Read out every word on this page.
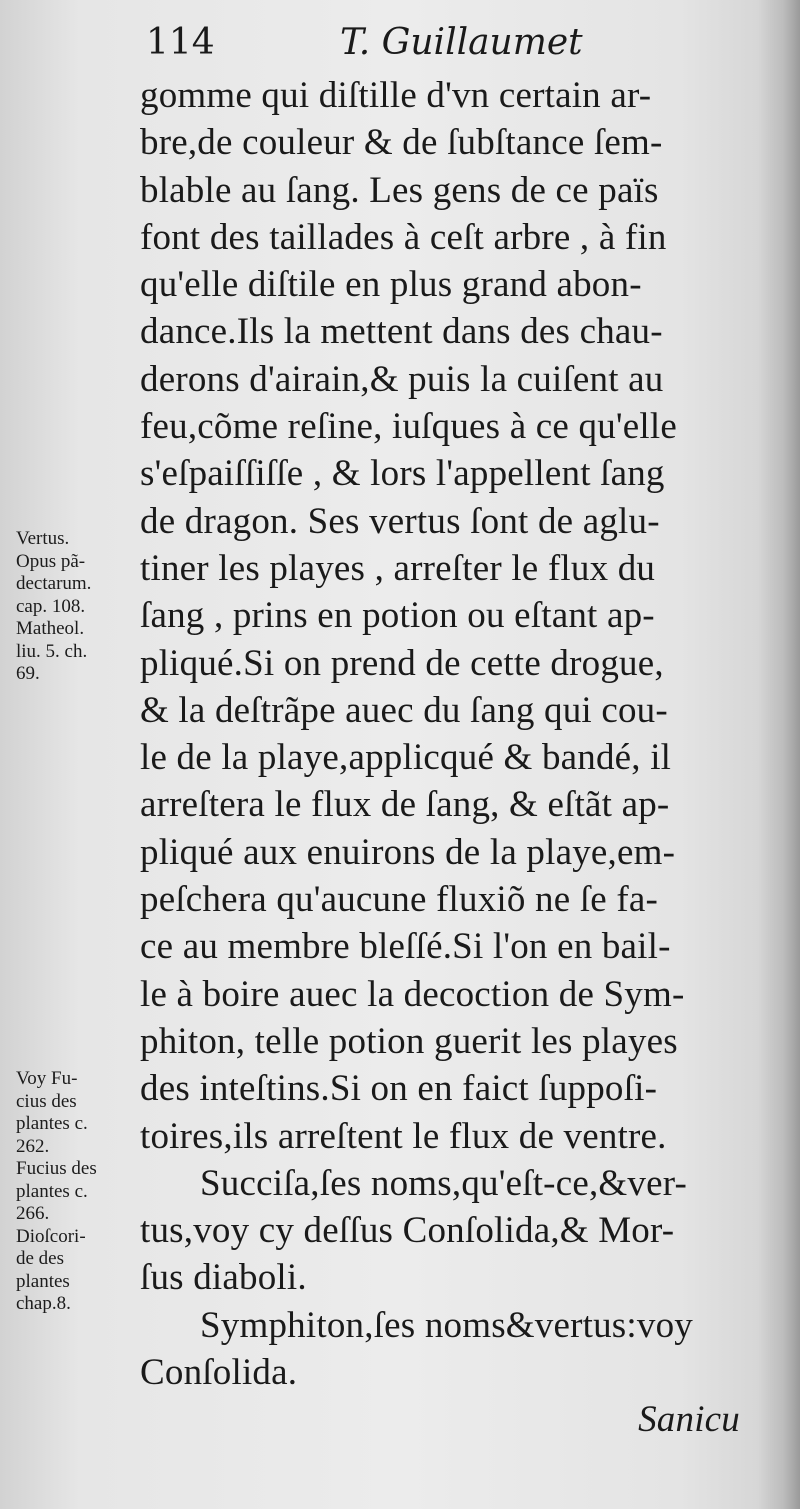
114	T. Guillaumet
gomme qui diſtille d'vn certain ar-
bre,de couleur & de ſubſtance ſem-
blable au ſang. Les gens de ce païs
font des taillades à ceſt arbre , à fin
qu'elle diſtile en plus grand abon-
dance.Ils la mettent dans des chau-
derons d'airain,& puis la cuiſent au
feu,cõme reſine, iuſques à ce qu'elle
s'eſpaiſſiſſe , & lors l'appellent ſang
de dragon. Ses vertus ſont de aglu-
tiner les playes , arreſter le flux du
ſang , prins en potion ou eſtant ap-
pliqué.Si on prend de cette drogue,
& la deſtrãpe auec du ſang qui cou-
le de la playe,applicqué & bandé, il
arreſtera le flux de ſang, & eſtãt ap-
pliqué aux enuirons de la playe,em-
peſchera qu'aucune fluxiõ ne ſe fa-
ce au membre bleſſé.Si l'on en bail-
le à boire auec la decoction de Sym-
phiton, telle potion guerit les playes
des inteſtins.Si on en faict ſuppoſi-
toires,ils arreſtent le flux de ventre.
Succiſa,ſes noms,qu'eſt-ce,&ver-
tus,voy cy deſſus Conſolida,& Mor-
ſus diaboli.
Symphiton,ſes noms&vertus:voy
Conſolida.
Sanicu
Vertus.
Opus pã-
dectarum.
cap. 108.
Matheol.
liu. 5. ch.
69.
Voy Fu-
cius des
plantes c.
262.
Fucius des
plantes c.
266.
Dioſcori-
de des
plantes
chap.8.
